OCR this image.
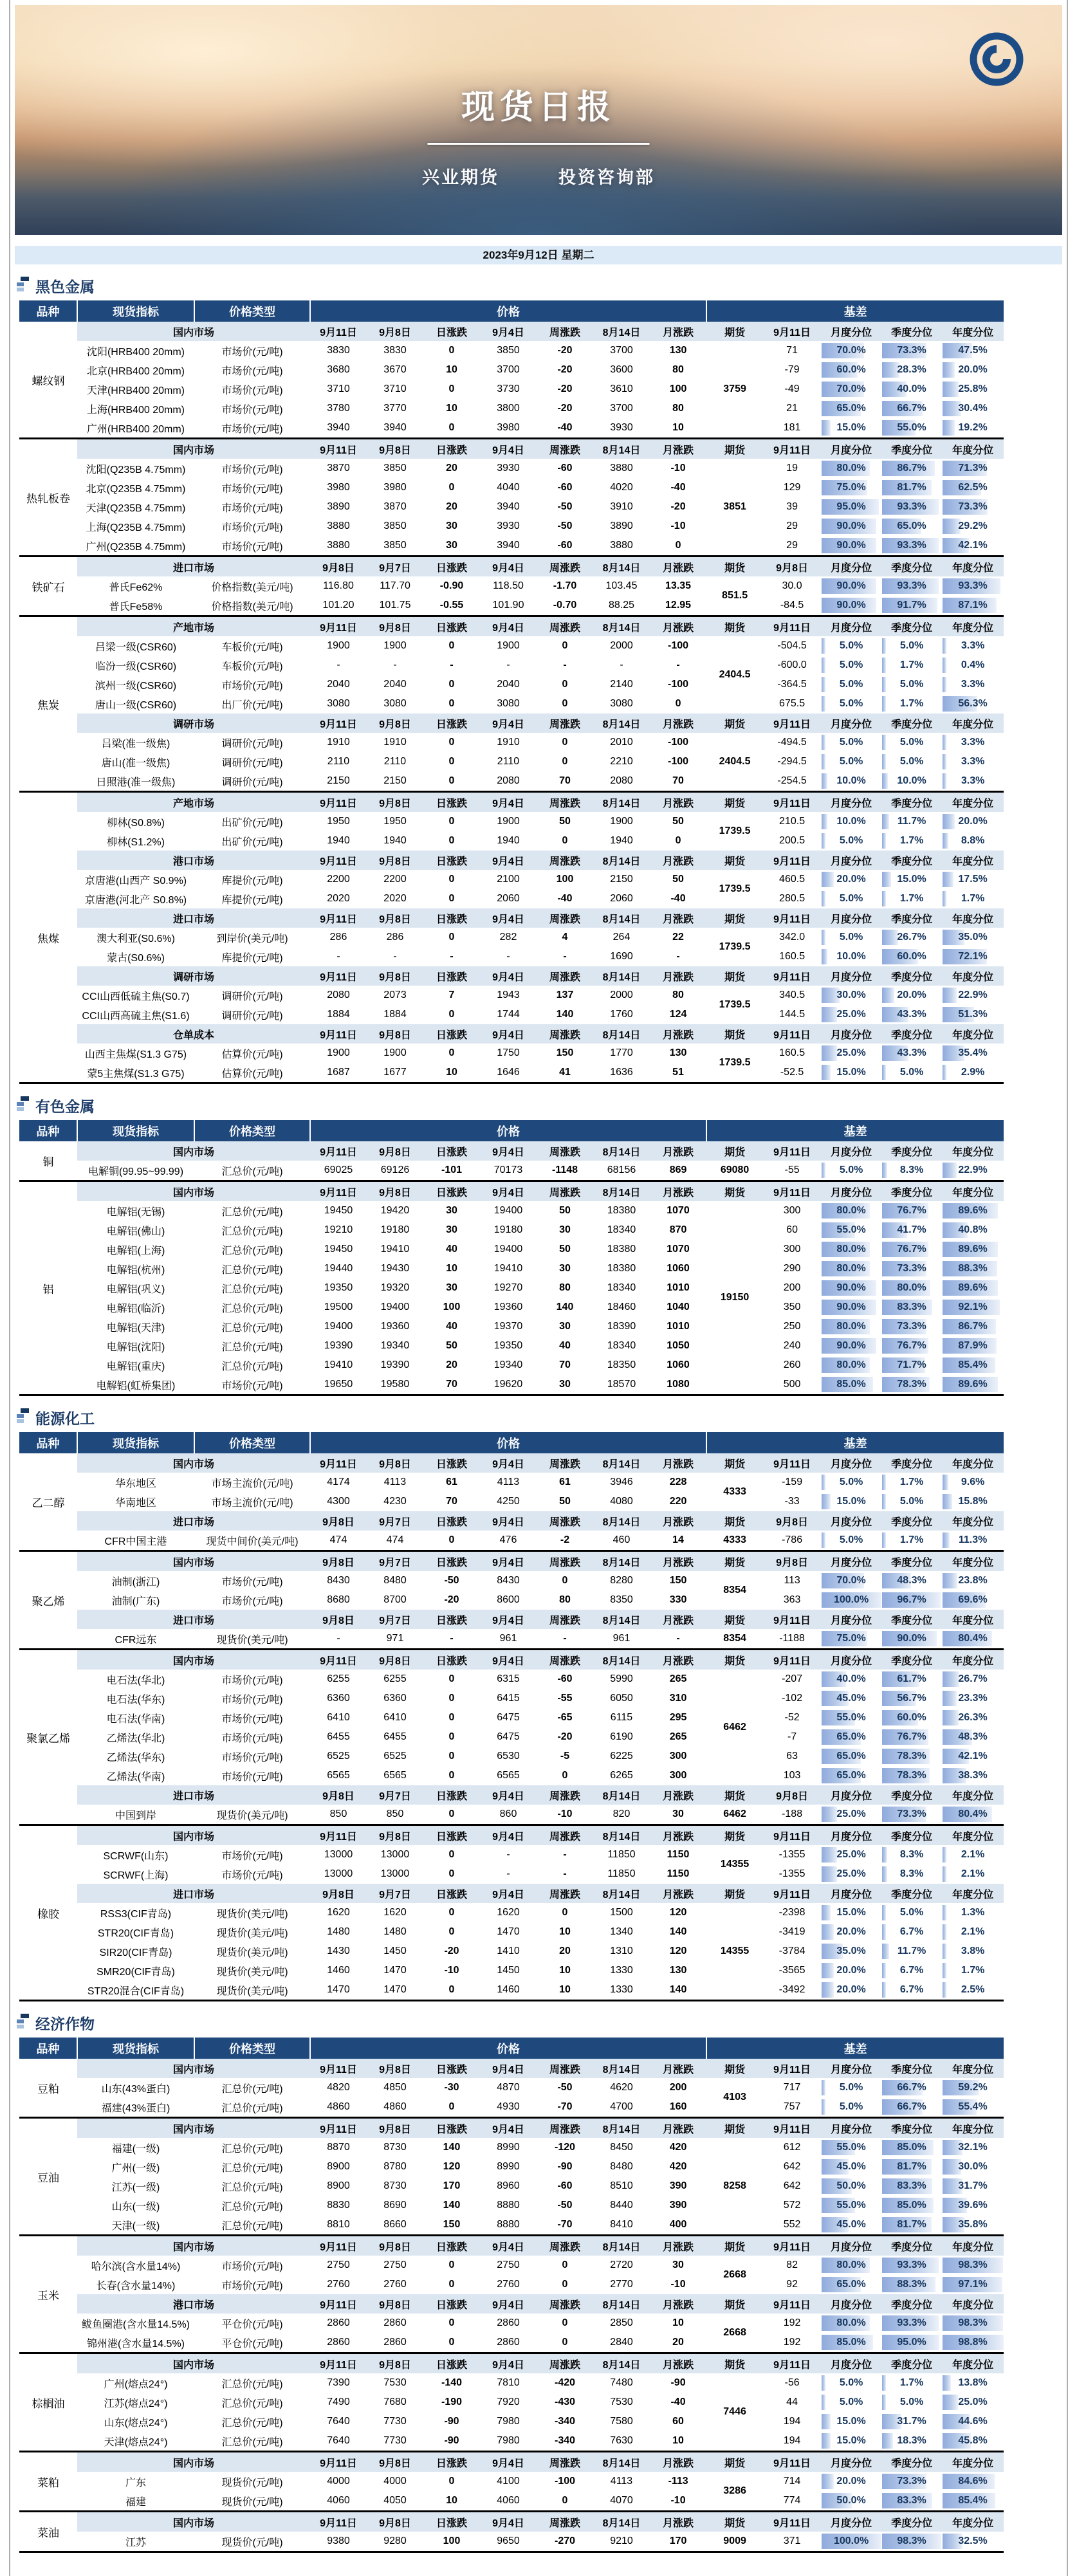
现货日报
兴业期货	投资咨询部
2023年9月12日 星期二
黑色金属
品种	现货指标	价格类型	价格							基差				
螺纹钢	国内市场		9月11日	9月8日	日涨跌	9月4日	周涨跌	8月14日	月涨跌	期货	9月11日	月度分位	季度分位	年度分位
	沈阳(HRB400 20mm)	市场价(元/吨)	3830	3830	0	3850	-20	3700	130	3759	71	70.0%	73.3%	47.5%
	北京(HRB400 20mm)	市场价(元/吨)	3680	3670	10	3700	-20	3600	80		-79	60.0%	28.3%	20.0%
	天津(HRB400 20mm)	市场价(元/吨)	3710	3710	0	3730	-20	3610	100		-49	70.0%	40.0%	25.8%
	上海(HRB400 20mm)	市场价(元/吨)	3780	3770	10	3800	-20	3700	80		21	65.0%	66.7%	30.4%
	广州(HRB400 20mm)	市场价(元/吨)	3940	3940	0	3980	-40	3930	10		181	15.0%	55.0%	19.2%
热轧板卷	国内市场		9月11日	9月8日	日涨跌	9月4日	周涨跌	8月14日	月涨跌	期货	9月11日	月度分位	季度分位	年度分位
	沈阳(Q235B 4.75mm)	市场价(元/吨)	3870	3850	20	3930	-60	3880	-10	3851	19	80.0%	86.7%	71.3%
	北京(Q235B 4.75mm)	市场价(元/吨)	3980	3980	0	4040	-60	4020	-40		129	75.0%	81.7%	62.5%
	天津(Q235B 4.75mm)	市场价(元/吨)	3890	3870	20	3940	-50	3910	-20		39	95.0%	93.3%	73.3%
	上海(Q235B 4.75mm)	市场价(元/吨)	3880	3850	30	3930	-50	3890	-10		29	90.0%	65.0%	29.2%
	广州(Q235B 4.75mm)	市场价(元/吨)	3880	3850	30	3940	-60	3880	0		29	90.0%	93.3%	42.1%
铁矿石	进口市场		9月8日	9月7日	日涨跌	9月4日	周涨跌	8月14日	月涨跌	期货	9月8日	月度分位	季度分位	年度分位
	普氏Fe62%	价格指数(美元/吨)	116.80	117.70	-0.90	118.50	-1.70	103.45	13.35	851.5	30.0	90.0%	93.3%	93.3%
	普氏Fe58%	价格指数(美元/吨)	101.20	101.75	-0.55	101.90	-0.70	88.25	12.95		-84.5	90.0%	91.7%	87.1%
焦炭	产地市场		9月11日	9月8日	日涨跌	9月4日	周涨跌	8月14日	月涨跌	期货	9月11日	月度分位	季度分位	年度分位
	吕梁一级(CSR60)	车板价(元/吨)	1900	1900	0	1900	0	2000	-100	2404.5	-504.5	5.0%	5.0%	3.3%
	临汾一级(CSR60)	车板价(元/吨)	-	-	-	-	-	-	-		-600.0	5.0%	1.7%	0.4%
	滨州一级(CSR60)	市场价(元/吨)	2040	2040	0	2040	0	2140	-100		-364.5	5.0%	5.0%	3.3%
	唐山一级(CSR60)	出厂价(元/吨)	3080	3080	0	3080	0	3080	0		675.5	5.0%	1.7%	56.3%
	调研市场		9月11日	9月8日	日涨跌	9月4日	周涨跌	8月14日	月涨跌	期货	9月11日	月度分位	季度分位	年度分位
	吕梁(准一级焦)	调研价(元/吨)	1910	1910	0	1910	0	2010	-100	2404.5	-494.5	5.0%	5.0%	3.3%
	唐山(准一级焦)	调研价(元/吨)	2110	2110	0	2110	0	2210	-100		-294.5	5.0%	5.0%	3.3%
	日照港(准一级焦)	调研价(元/吨)	2150	2150	0	2080	70	2080	70		-254.5	10.0%	10.0%	3.3%
焦煤	产地市场		9月11日	9月8日	日涨跌	9月4日	周涨跌	8月14日	月涨跌	期货	9月11日	月度分位	季度分位	年度分位
	柳林(S0.8%)	出矿价(元/吨)	1950	1950	0	1900	50	1900	50	1739.5	210.5	10.0%	11.7%	20.0%
	柳林(S1.2%)	出矿价(元/吨)	1940	1940	0	1940	0	1940	0		200.5	5.0%	1.7%	8.8%
	港口市场		9月11日	9月8日	日涨跌	9月4日	周涨跌	8月14日	月涨跌	期货	9月11日	月度分位	季度分位	年度分位
	京唐港(山西产 S0.9%)	库提价(元/吨)	2200	2200	0	2100	100	2150	50	1739.5	460.5	20.0%	15.0%	17.5%
	京唐港(河北产 S0.8%)	库提价(元/吨)	2020	2020	0	2060	-40	2060	-40		280.5	5.0%	1.7%	1.7%
	进口市场		9月11日	9月8日	日涨跌	9月4日	周涨跌	8月14日	月涨跌	期货	9月11日	月度分位	季度分位	年度分位
	澳大利亚(S0.6%)	到岸价(美元/吨)	286	286	0	282	4	264	22	1739.5	342.0	5.0%	26.7%	35.0%
	蒙古(S0.6%)	库提价(元/吨)	-	-	-	-	-	1690	-		160.5	10.0%	60.0%	72.1%
	调研市场		9月11日	9月8日	日涨跌	9月4日	周涨跌	8月14日	月涨跌	期货	9月11日	月度分位	季度分位	年度分位
	CCI山西低硫主焦(S0.7)	调研价(元/吨)	2080	2073	7	1943	137	2000	80	1739.5	340.5	30.0%	20.0%	22.9%
	CCI山西高硫主焦(S1.6)	调研价(元/吨)	1884	1884	0	1744	140	1760	124		144.5	25.0%	43.3%	51.3%
	仓单成本		9月11日	9月8日	日涨跌	9月4日	周涨跌	8月14日	月涨跌	期货	9月11日	月度分位	季度分位	年度分位
	山西主焦煤(S1.3 G75)	估算价(元/吨)	1900	1900	0	1750	150	1770	130	1739.5	160.5	25.0%	43.3%	35.4%
	蒙5主焦煤(S1.3 G75)	估算价(元/吨)	1687	1677	10	1646	41	1636	51		-52.5	15.0%	5.0%	2.9%
有色金属
品种	现货指标	价格类型	价格							基差				
铜	国内市场		9月11日	9月8日	日涨跌	9月4日	周涨跌	8月14日	月涨跌	期货	9月11日	月度分位	季度分位	年度分位
	电解铜(99.95~99.99)	汇总价(元/吨)	69025	69126	-101	70173	-1148	68156	869	69080	-55	5.0%	8.3%	22.9%
铝	国内市场		9月11日	9月8日	日涨跌	9月4日	周涨跌	8月14日	月涨跌	期货	9月11日	月度分位	季度分位	年度分位
	电解铝(无锡)	汇总价(元/吨)	19450	19420	30	19400	50	18380	1070	19150	300	80.0%	76.7%	89.6%
	电解铝(佛山)	汇总价(元/吨)	19210	19180	30	19180	30	18340	870		60	55.0%	41.7%	40.8%
	电解铝(上海)	汇总价(元/吨)	19450	19410	40	19400	50	18380	1070		300	80.0%	76.7%	89.6%
	电解铝(杭州)	汇总价(元/吨)	19440	19430	10	19410	30	18380	1060		290	80.0%	73.3%	88.3%
	电解铝(巩义)	汇总价(元/吨)	19350	19320	30	19270	80	18340	1010		200	90.0%	80.0%	89.6%
	电解铝(临沂)	汇总价(元/吨)	19500	19400	100	19360	140	18460	1040		350	90.0%	83.3%	92.1%
	电解铝(天津)	汇总价(元/吨)	19400	19360	40	19370	30	18390	1010		250	80.0%	73.3%	86.7%
	电解铝(沈阳)	汇总价(元/吨)	19390	19340	50	19350	40	18340	1050		240	90.0%	76.7%	87.9%
	电解铝(重庆)	汇总价(元/吨)	19410	19390	20	19340	70	18350	1060		260	80.0%	71.7%	85.4%
	电解铝(虹桥集团)	市场价(元/吨)	19650	19580	70	19620	30	18570	1080		500	85.0%	78.3%	89.6%
能源化工
品种	现货指标	价格类型	价格							基差				
乙二醇	国内市场		9月11日	9月8日	日涨跌	9月4日	周涨跌	8月14日	月涨跌	期货	9月11日	月度分位	季度分位	年度分位
	华东地区	市场主流价(元/吨)	4174	4113	61	4113	61	3946	228	4333	-159	5.0%	1.7%	9.6%
	华南地区	市场主流价(元/吨)	4300	4230	70	4250	50	4080	220		-33	15.0%	5.0%	15.8%
	进口市场		9月8日	9月7日	日涨跌	9月4日	周涨跌	8月14日	月涨跌	期货	9月8日	月度分位	季度分位	年度分位
	CFR中国主港	现货中间价(美元/吨)	474	474	0	476	-2	460	14	4333	-786	5.0%	1.7%	11.3%
聚乙烯	国内市场		9月8日	9月7日	日涨跌	9月4日	周涨跌	8月14日	月涨跌	期货	9月8日	月度分位	季度分位	年度分位
	油制(浙江)	市场价(元/吨)	8430	8480	-50	8430	0	8280	150	8354	113	70.0%	48.3%	23.8%
	油制(广东)	市场价(元/吨)	8680	8700	-20	8600	80	8350	330		363	100.0%	96.7%	69.6%
	进口市场		9月8日	9月7日	日涨跌	9月4日	周涨跌	8月14日	月涨跌	期货	9月11日	月度分位	季度分位	年度分位
	CFR远东	现货价(美元/吨)	-	971	-	961	-	961	-	8354	-1188	75.0%	90.0%	80.4%
聚氯乙烯	国内市场		9月11日	9月8日	日涨跌	9月4日	周涨跌	8月14日	月涨跌	期货	9月11日	月度分位	季度分位	年度分位
	电石法(华北)	市场价(元/吨)	6255	6255	0	6315	-60	5990	265	6462	-207	40.0%	61.7%	26.7%
	电石法(华东)	市场价(元/吨)	6360	6360	0	6415	-55	6050	310		-102	45.0%	56.7%	23.3%
	电石法(华南)	市场价(元/吨)	6410	6410	0	6475	-65	6115	295		-52	55.0%	60.0%	26.3%
	乙烯法(华北)	市场价(元/吨)	6455	6455	0	6475	-20	6190	265		-7	65.0%	76.7%	48.3%
	乙烯法(华东)	市场价(元/吨)	6525	6525	0	6530	-5	6225	300		63	65.0%	78.3%	42.1%
	乙烯法(华南)	市场价(元/吨)	6565	6565	0	6565	0	6265	300		103	65.0%	78.3%	38.3%
	进口市场		9月8日	9月7日	日涨跌	9月4日	周涨跌	8月14日	月涨跌	期货	9月8日	月度分位	季度分位	年度分位
	中国到岸	现货价(美元/吨)	850	850	0	860	-10	820	30	6462	-188	25.0%	73.3%	80.4%
橡胶	国内市场		9月11日	9月8日	日涨跌	9月4日	周涨跌	8月14日	月涨跌	期货	9月11日	月度分位	季度分位	年度分位
	SCRWF(山东)	市场价(元/吨)	13000	13000	0	-	-	11850	1150	14355	-1355	25.0%	8.3%	2.1%
	SCRWF(上海)	市场价(元/吨)	13000	13000	0	-	-	11850	1150		-1355	25.0%	8.3%	2.1%
	进口市场		9月8日	9月7日	日涨跌	9月4日	周涨跌	8月14日	月涨跌	期货	9月11日	月度分位	季度分位	年度分位
	RSS3(CIF青岛)	现货价(美元/吨)	1620	1620	0	1620	0	1500	120	14355	-2398	15.0%	5.0%	1.3%
	STR20(CIF青岛)	现货价(美元/吨)	1480	1480	0	1470	10	1340	140		-3419	20.0%	6.7%	2.1%
	SIR20(CIF青岛)	现货价(美元/吨)	1430	1450	-20	1410	20	1310	120		-3784	35.0%	11.7%	3.8%
	SMR20(CIF青岛)	现货价(美元/吨)	1460	1470	-10	1450	10	1330	130		-3565	20.0%	6.7%	1.7%
	STR20混合(CIF青岛)	现货价(美元/吨)	1470	1470	0	1460	10	1330	140		-3492	20.0%	6.7%	2.5%
经济作物
品种	现货指标	价格类型	价格							基差				
豆粕	国内市场		9月11日	9月8日	日涨跌	9月4日	周涨跌	8月14日	月涨跌	期货	9月11日	月度分位	季度分位	年度分位
	山东(43%蛋白)	汇总价(元/吨)	4820	4850	-30	4870	-50	4620	200	4103	717	5.0%	66.7%	59.2%
	福建(43%蛋白)	汇总价(元/吨)	4860	4860	0	4930	-70	4700	160		757	5.0%	66.7%	55.4%
豆油	国内市场		9月11日	9月8日	日涨跌	9月4日	周涨跌	8月14日	月涨跌	期货	9月11日	月度分位	季度分位	年度分位
	福建(一级)	汇总价(元/吨)	8870	8730	140	8990	-120	8450	420	8258	612	55.0%	85.0%	32.1%
	广州(一级)	汇总价(元/吨)	8900	8780	120	8990	-90	8480	420		642	45.0%	81.7%	30.0%
	江苏(一级)	汇总价(元/吨)	8900	8730	170	8960	-60	8510	390		642	50.0%	83.3%	31.7%
	山东(一级)	汇总价(元/吨)	8830	8690	140	8880	-50	8440	390		572	55.0%	85.0%	39.6%
	天津(一级)	汇总价(元/吨)	8810	8660	150	8880	-70	8410	400		552	45.0%	81.7%	35.8%
玉米	国内市场		9月11日	9月8日	日涨跌	9月4日	周涨跌	8月14日	月涨跌	期货	9月11日	月度分位	季度分位	年度分位
	哈尔滨(含水量14%)	市场价(元/吨)	2750	2750	0	2750	0	2720	30	2668	82	80.0%	93.3%	98.3%
	长春(含水量14%)	市场价(元/吨)	2760	2760	0	2760	0	2770	-10		92	65.0%	88.3%	97.1%
	港口市场		9月11日	9月8日	日涨跌	9月4日	周涨跌	8月14日	月涨跌	期货	9月11日	月度分位	季度分位	年度分位
	鲅鱼圈港(含水量14.5%)	平仓价(元/吨)	2860	2860	0	2860	0	2850	10	2668	192	80.0%	93.3%	98.3%
	锦州港(含水量14.5%)	平仓价(元/吨)	2860	2860	0	2860	0	2840	20		192	85.0%	95.0%	98.8%
棕榈油	国内市场		9月11日	9月8日	日涨跌	9月4日	周涨跌	8月14日	月涨跌	期货	9月11日	月度分位	季度分位	年度分位
	广州(熔点24°)	汇总价(元/吨)	7390	7530	-140	7810	-420	7480	-90	7446	-56	5.0%	1.7%	13.8%
	江苏(熔点24°)	汇总价(元/吨)	7490	7680	-190	7920	-430	7530	-40		44	5.0%	5.0%	25.0%
	山东(熔点24°)	汇总价(元/吨)	7640	7730	-90	7980	-340	7580	60		194	15.0%	31.7%	44.6%
	天津(熔点24°)	汇总价(元/吨)	7640	7730	-90	7980	-340	7630	10		194	15.0%	18.3%	45.8%
菜粕	国内市场		9月11日	9月8日	日涨跌	9月4日	周涨跌	8月14日	月涨跌	期货	9月11日	月度分位	季度分位	年度分位
	广东	现货价(元/吨)	4000	4000	0	4100	-100	4113	-113	3286	714	20.0%	73.3%	84.6%
	福建	现货价(元/吨)	4060	4050	10	4060	0	4070	-10		774	50.0%	83.3%	85.4%
菜油	国内市场		9月11日	9月8日	日涨跌	9月4日	周涨跌	8月14日	月涨跌	期货	9月11日	月度分位	季度分位	年度分位
	江苏	现货价(元/吨)	9380	9280	100	9650	-270	9210	170	9009	371	100.0%	98.3%	32.5%
